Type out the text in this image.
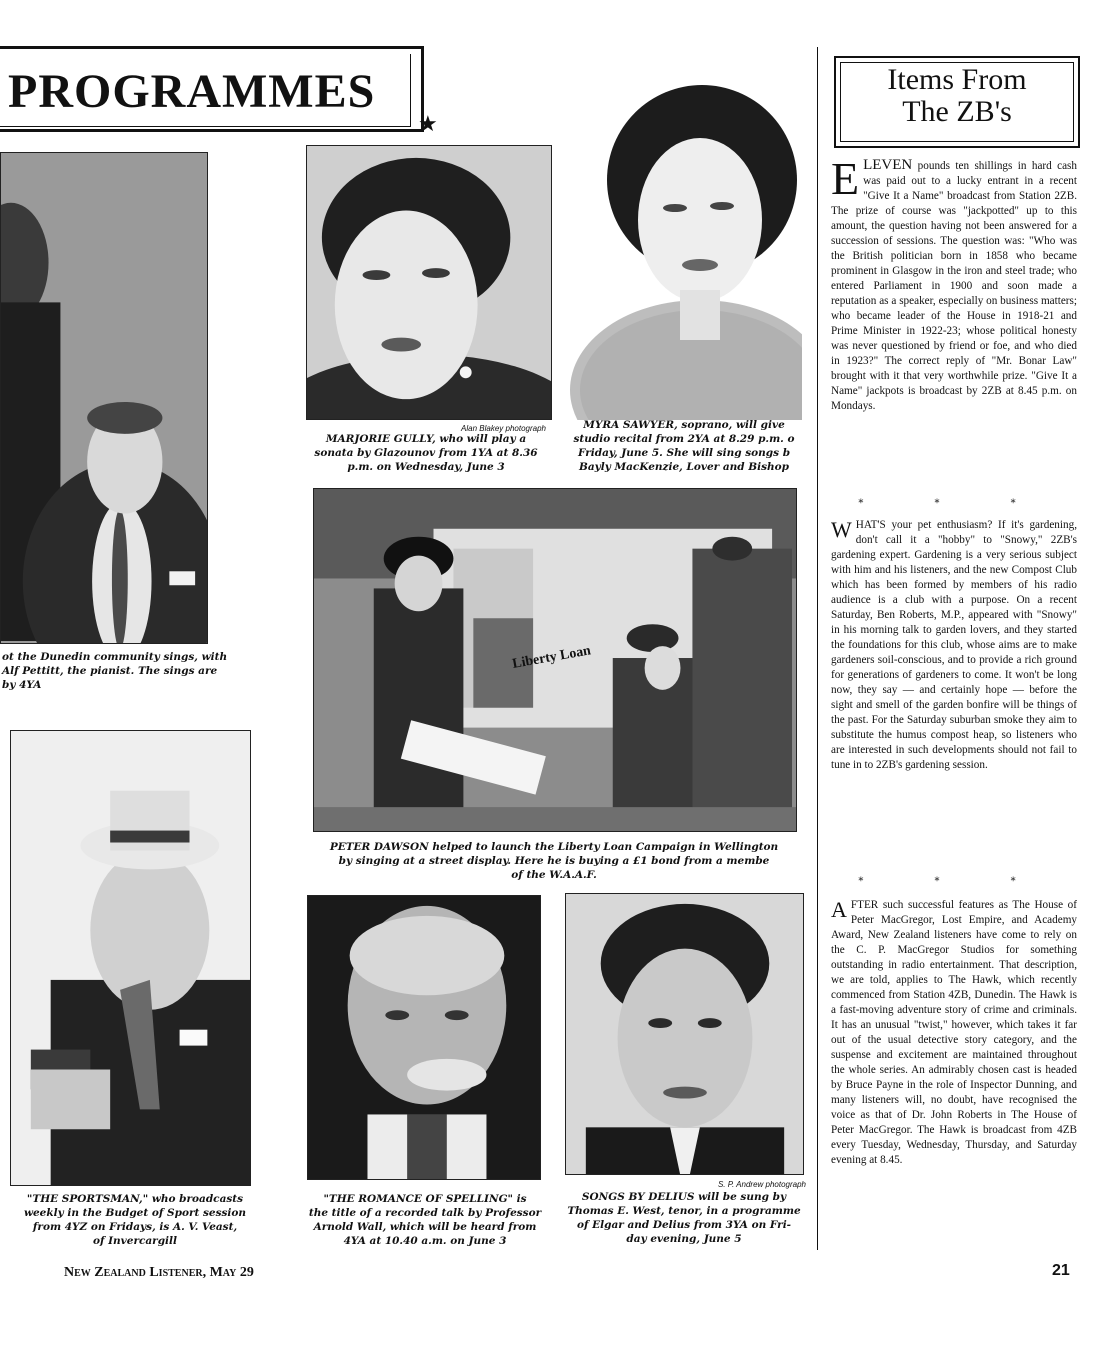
PROGRAMMES
★
ot the Dunedin community sings, with
Alf Pettitt, the pianist. The sings are
by 4YA
Alan Blakey photograph
MARJORIE GULLY, who will play a
sonata by Glazounov from 1YA at 8.36
p.m. on Wednesday, June 3
MYRA SAWYER, soprano, will give
studio recital from 2YA at 8.29 p.m. o
Friday, June 5. She will sing songs b
Bayly MacKenzie, Lover and Bishop
Liberty Loan
PETER DAWSON helped to launch the Liberty Loan Campaign in Wellington
by singing at a street display. Here he is buying a £1 bond from a membe
of the W.A.A.F.
"THE SPORTSMAN," who broadcasts
weekly in the Budget of Sport session
from 4YZ on Fridays, is A. V. Veast,
of Invercargill
"THE ROMANCE OF SPELLING" is
the title of a recorded talk by Professor
Arnold Wall, which will be heard from
4YA at 10.40 a.m. on June 3
S. P. Andrew photograph
SONGS BY DELIUS will be sung by
Thomas E. West, tenor, in a programme
of Elgar and Delius from 3YA on Fri-
day evening, June 5
Items From
The ZB's
ELEVEN pounds ten shillings in hard cash was paid out to a lucky entrant in a recent "Give It a Name" broadcast from Station 2ZB. The prize of course was "jackpotted" up to this amount, the question having not been answered for a succession of sessions. The question was: "Who was the British politician born in 1858 who became prominent in Glasgow in the iron and steel trade; who entered Parliament in 1900 and soon made a reputation as a speaker, especially on business matters; who became leader of the House in 1918-21 and Prime Minister in 1922-23; whose political honesty was never questioned by friend or foe, and who died in 1923?" The correct reply of "Mr. Bonar Law" brought with it that very worthwhile prize. "Give It a Name" jackpots is broadcast by 2ZB at 8.45 p.m. on Mondays.
* * *
WHAT'S your pet enthusiasm? If it's gardening, don't call it a "hobby" to "Snowy," 2ZB's gardening expert. Gardening is a very serious subject with him and his listeners, and the new Compost Club which has been formed by members of his radio audience is a club with a purpose. On a recent Saturday, Ben Roberts, M.P., appeared with "Snowy" in his morning talk to garden lovers, and they started the foundations for this club, whose aims are to make gardeners soil-conscious, and to provide a rich ground for generations of gardeners to come. It won't be long now, they say — and certainly hope — before the sight and smell of the garden bonfire will be things of the past. For the Saturday suburban smoke they aim to substitute the humus compost heap, so listeners who are interested in such developments should not fail to tune in to 2ZB's gardening session.
* * *
AFTER such successful features as The House of Peter MacGregor, Lost Empire, and Academy Award, New Zealand listeners have come to rely on the C. P. MacGregor Studios for something outstanding in radio entertainment. That description, we are told, applies to The Hawk, which recently commenced from Station 4ZB, Dunedin. The Hawk is a fast-moving adventure story of crime and criminals. It has an unusual "twist," however, which takes it far out of the usual detective story category, and the suspense and excitement are maintained throughout the whole series. An admirably chosen cast is headed by Bruce Payne in the role of Inspector Dunning, and many listeners will, no doubt, have recognised the voice as that of Dr. John Roberts in The House of Peter MacGregor. The Hawk is broadcast from 4ZB every Tuesday, Wednesday, Thursday, and Saturday evening at 8.45.
New Zealand Listener, May 29	21
